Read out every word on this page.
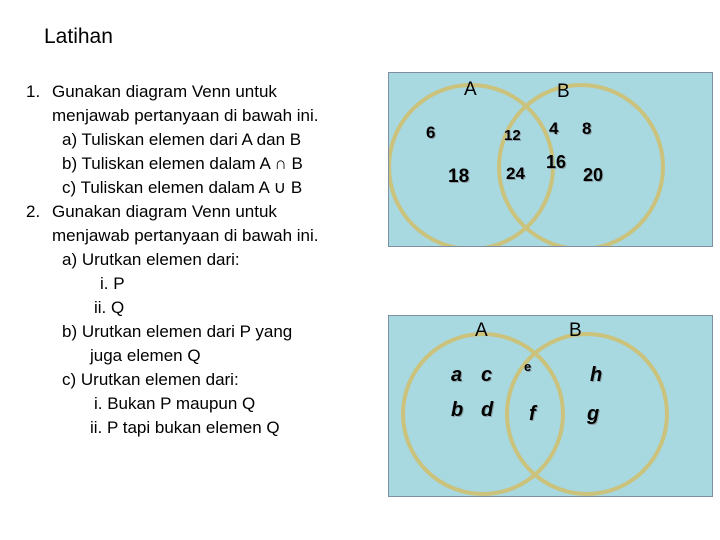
Latihan
1. Gunakan diagram Venn untuk
menjawab pertanyaan di bawah ini.
a) Tuliskan elemen dari A dan B
b) Tuliskan elemen dalam A ∩ B
c) Tuliskan elemen dalam A ∪ B
2. Gunakan diagram Venn untuk
menjawab pertanyaan di bawah ini.
a) Urutkan elemen dari:
i. P
ii. Q
b) Urutkan elemen dari P yang
juga elemen Q
c) Urutkan elemen dari:
i. Bukan P maupun Q
ii. P tapi bukan elemen Q
A	B
6
18
12
24
4 8
16
20
A	B
a c
b d
e	h
f	g
